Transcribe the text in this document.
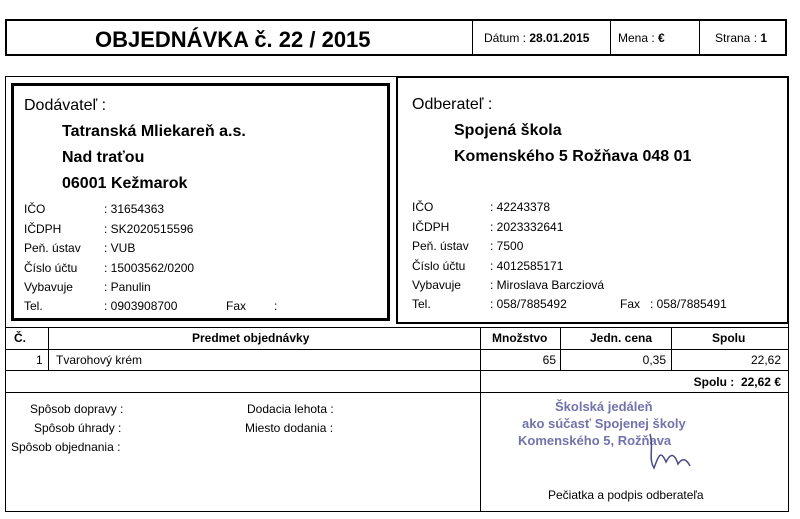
OBJEDNÁVKA č. 22 / 2015	Dátum : 28.01.2015 Mena : €	Strana : 1
Dodávateľ :
Tatranská Mliekareň a.s.
Nad traťou
06001 Kežmarok
IČO	: 31654363
IČDPH	: SK2020515596
Peň. ústav : VUB
Číslo účtu : 15003562/0200
Vybavuje	: Panulin
Tel.	: 0903908700	Fax :
Odberateľ :
Spojená škola
Komenského 5 Rožňava 048 01
IČO	: 42243378
IČDPH	: 2023332641
Peň. ústav : 7500
Číslo účtu : 4012585171
Vybavuje : Miroslava Barcziová
Tel.	: 058/7885492	Fax : 058/7885491
Č.	Predmet objednávky	Množstvo	Jedn. cena	Spolu
1 Tvarohový krém	65	0,35	22,62
Spolu :  22,62 €
Spôsob dopravy :
Spôsob úhrady :
Spôsob objednania :
Dodacia lehota :
Miesto dodania :
Školská jedáleň
ako súčasť Spojenej školy
Komenského 5, Rožňava
Pečiatka a podpis odberateľa
